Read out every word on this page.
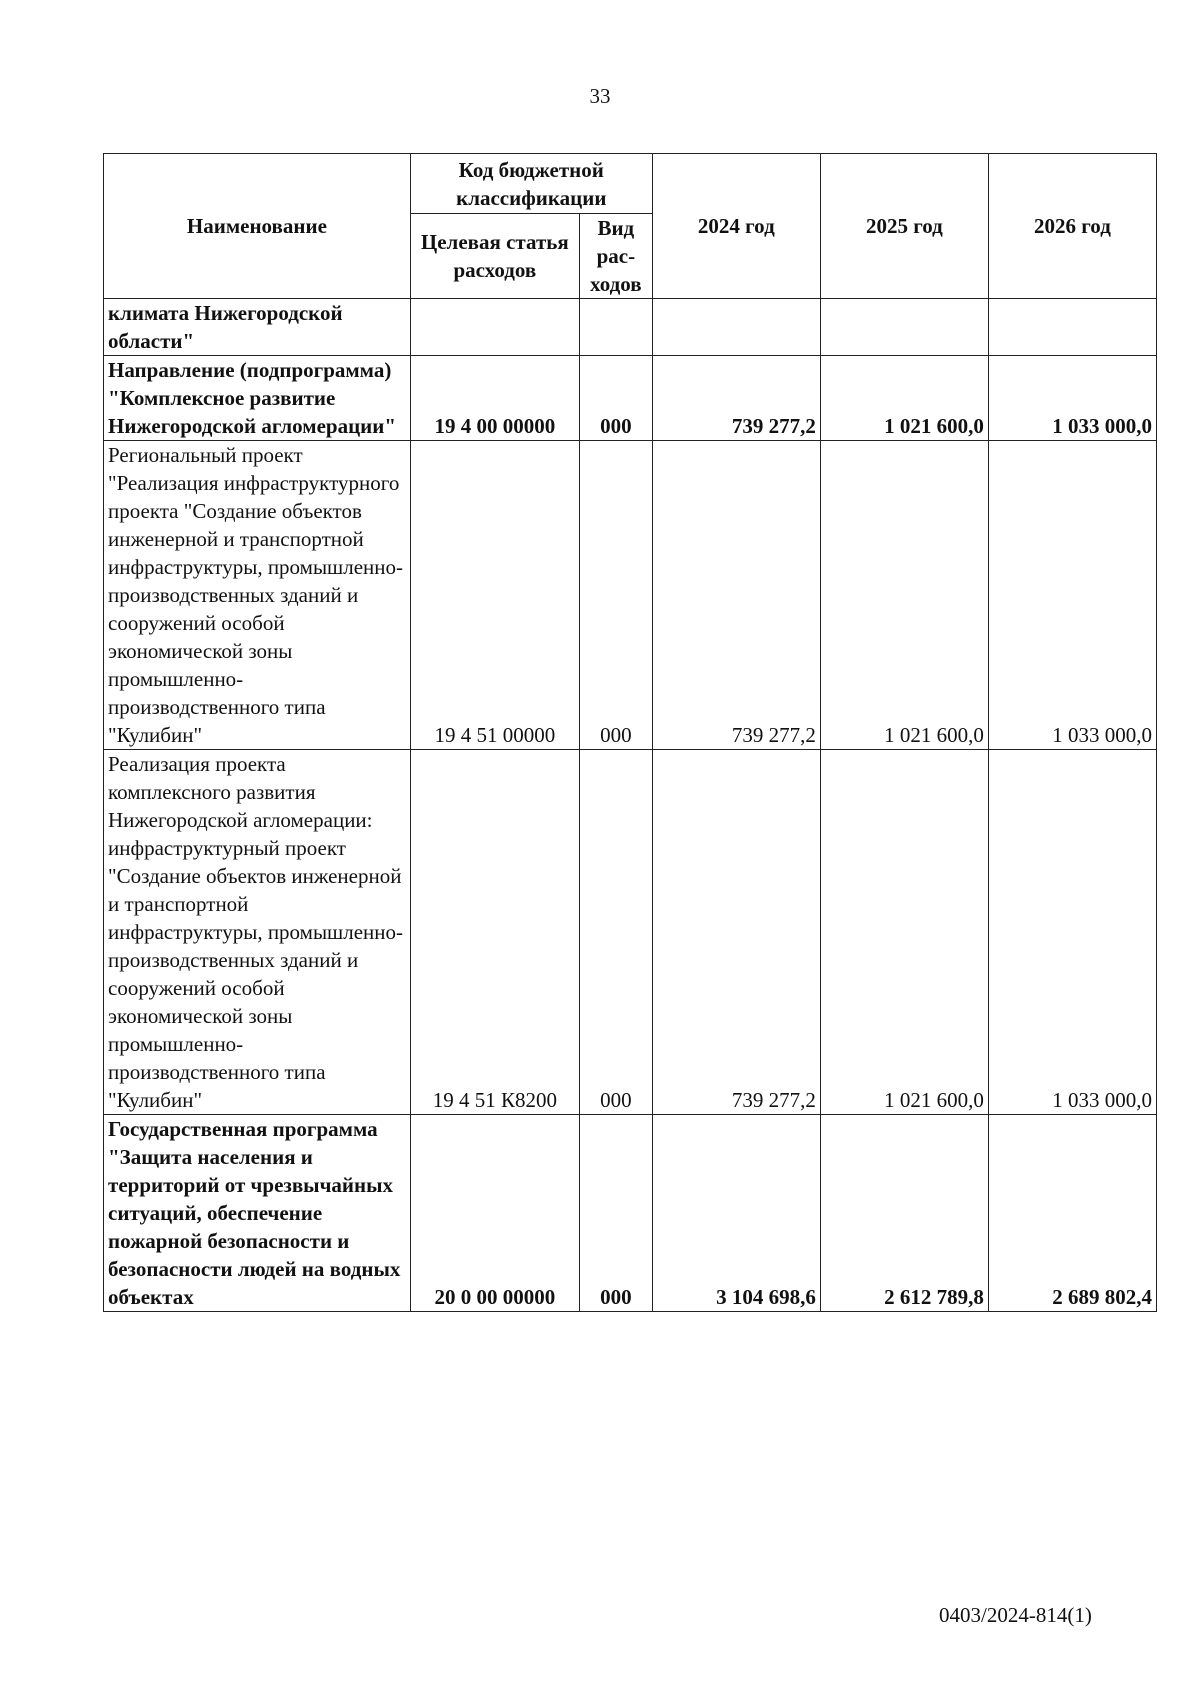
33
Наименование	Код бюджетной классификации		2024 год	2025 год	2026 год
	Целевая статья расходов	Вид рас-ходов			
климата Нижегородской области"					
Направление (подпрограмма) "Комплексное развитие Нижегородской агломерации"	19 4 00 00000	000	739 277,2	1 021 600,0	1 033 000,0
Региональный проект "Реализация инфраструктурного проекта "Создание объектов инженерной и транспортной инфраструктуры, промышленно-производственных зданий и сооружений особой экономической зоны промышленно-производственного типа "Кулибин"	19 4 51 00000	000	739 277,2	1 021 600,0	1 033 000,0
Реализация проекта комплексного развития Нижегородской агломерации: инфраструктурный проект "Создание объектов инженерной и транспортной инфраструктуры, промышленно-производственных зданий и сооружений особой экономической зоны промышленно-производственного типа "Кулибин"	19 4 51 К8200	000	739 277,2	1 021 600,0	1 033 000,0
Государственная программа "Защита населения и территорий от чрезвычайных ситуаций, обеспечение пожарной безопасности и безопасности людей на водных объектах	20 0 00 00000	000	3 104 698,6	2 612 789,8	2 689 802,4
0403/2024-814(1)
